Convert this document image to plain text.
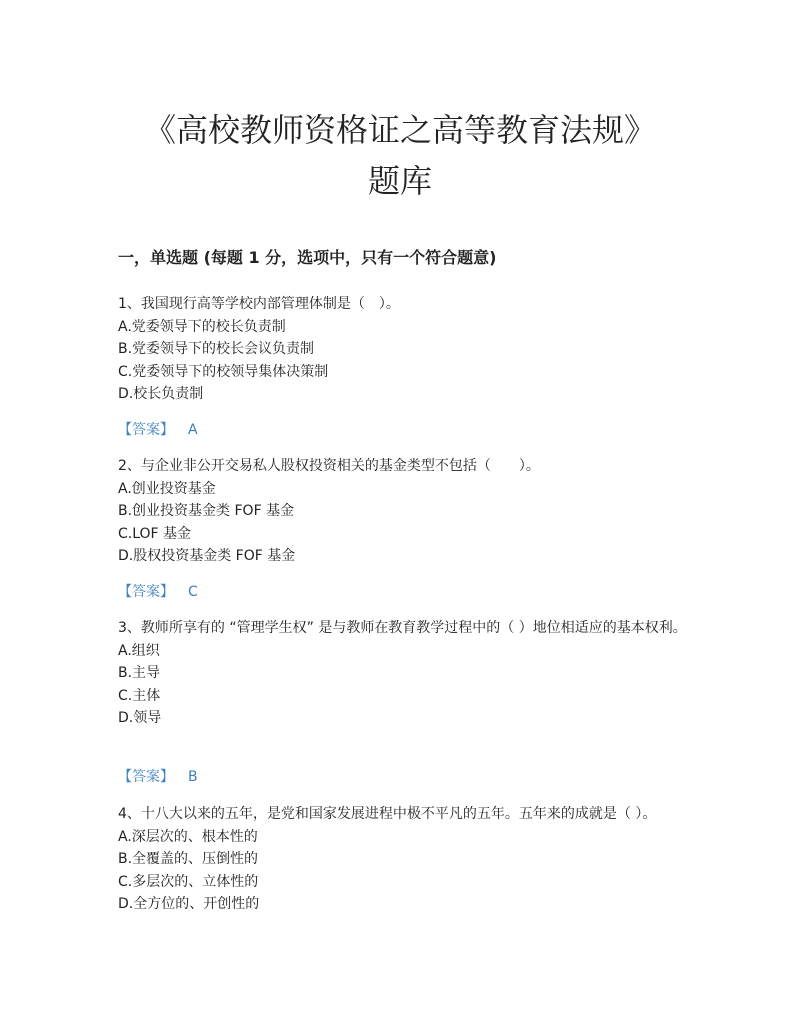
《高校教师资格证之高等教育法规》
题库
一，单选题 (每题 1 分，选项中，只有一个符合题意)
1、我国现行高等学校内部管理体制是（　）。
A.党委领导下的校长负责制
B.党委领导下的校长会议负责制
C.党委领导下的校领导集体决策制
D.校长负责制
【答案】 A
2、与企业非公开交易私人股权投资相关的基金类型不包括（　　）。
A.创业投资基金
B.创业投资基金类 FOF 基金
C.LOF 基金
D.股权投资基金类 FOF 基金
【答案】 C
3、教师所享有的 “管理学生权” 是与教师在教育教学过程中的（ ）地位相适应的基本权利。
A.组织
B.主导
C.主体
D.领导
【答案】 B
4、十八大以来的五年，是党和国家发展进程中极不平凡的五年。五年来的成就是（ ）。
A.深层次的、根本性的
B.全覆盖的、压倒性的
C.多层次的、立体性的
D.全方位的、开创性的
